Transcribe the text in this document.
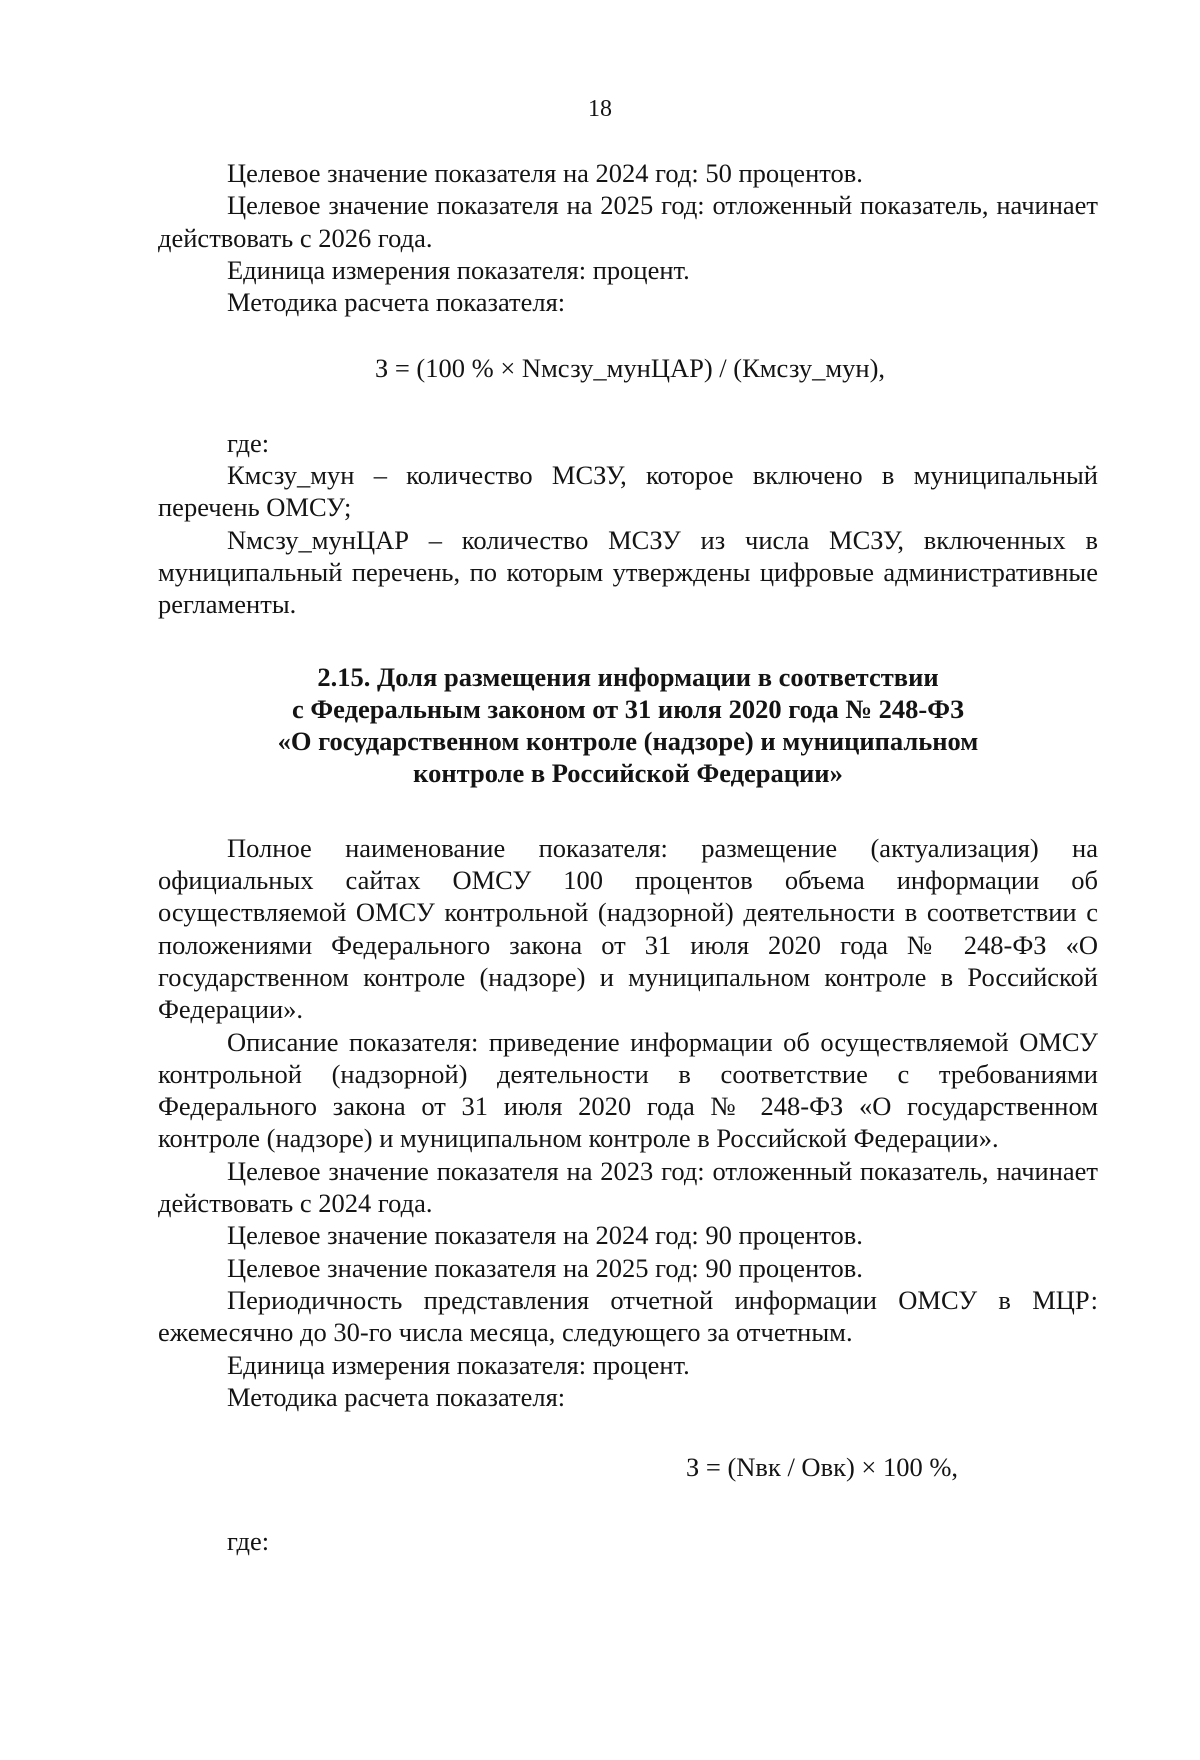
18

Целевое значение показателя на 2024 год: 50 процентов.

Целевое значение показателя на 2025 год: отложенный показатель, начинает действовать с 2026 года.

Единица измерения показателя: процент.

Методика расчета показателя:

З = (100 % × Nмсзу_мунЦАР) / (Кмсзу_мун),

где:

Кмсзу_мун – количество МСЗУ, которое включено в муниципальный перечень ОМСУ;

Nмсзу_мунЦАР – количество МСЗУ из числа МСЗУ, включенных в муниципальный перечень, по которым утверждены цифровые административные регламенты.

2.15. Доля размещения информации в соответствии
с Федеральным законом от 31 июля 2020 года № 248-ФЗ
«О государственном контроле (надзоре) и муниципальном
контроле в Российской Федерации»

Полное наименование показателя: размещение (актуализация) на официальных сайтах ОМСУ 100 процентов объема информации об осуществляемой ОМСУ контрольной (надзорной) деятельности в соответствии с положениями Федерального закона от 31 июля 2020 года № 248-ФЗ «О государственном контроле (надзоре) и муниципальном контроле в Российской Федерации».

Описание показателя: приведение информации об осуществляемой ОМСУ контрольной (надзорной) деятельности в соответствие с требованиями Федерального закона от 31 июля 2020 года № 248-ФЗ «О государственном контроле (надзоре) и муниципальном контроле в Российской Федерации».

Целевое значение показателя на 2023 год: отложенный показатель, начинает действовать с 2024 года.

Целевое значение показателя на 2024 год: 90 процентов.

Целевое значение показателя на 2025 год: 90 процентов.

Периодичность представления отчетной информации ОМСУ в МЦР: ежемесячно до 30-го числа месяца, следующего за отчетным.

Единица измерения показателя: процент.

Методика расчета показателя:

З = (Nвк / Овк) × 100 %,

где:
